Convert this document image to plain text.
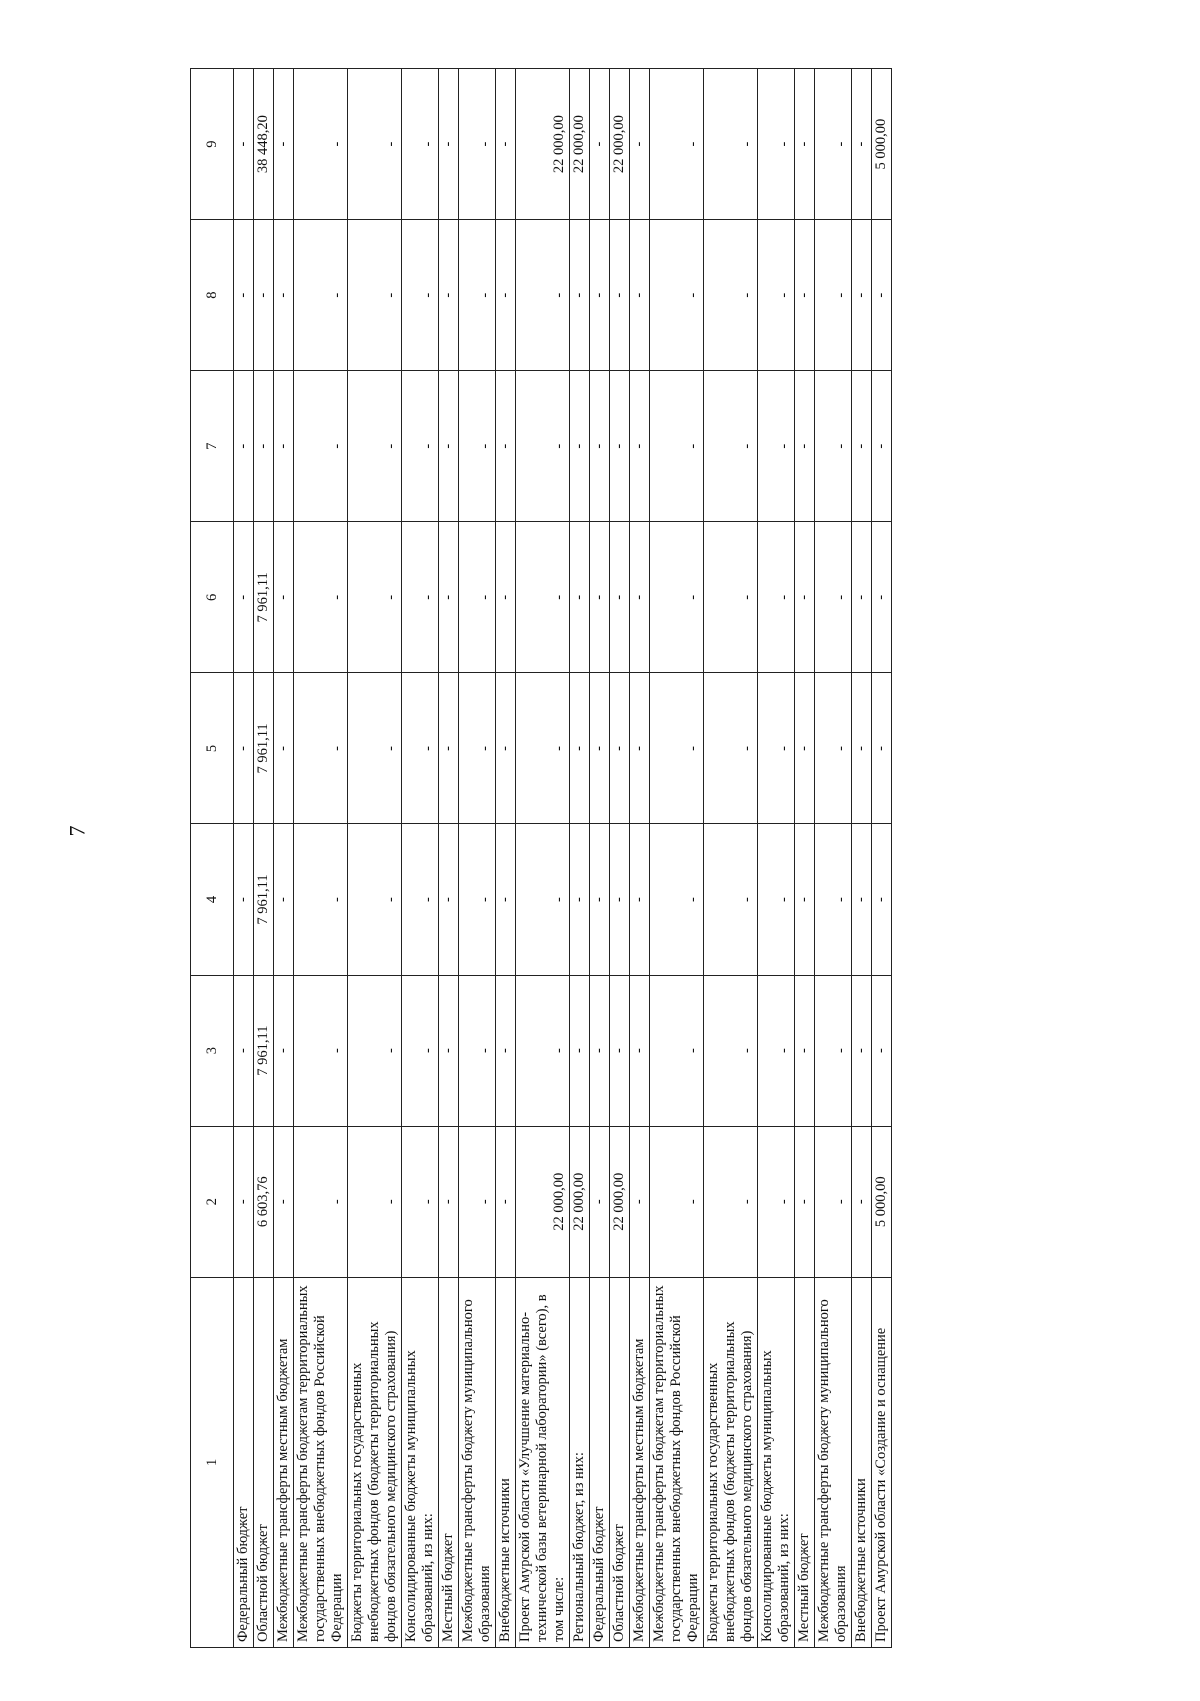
7
1	2	3	4	5	6	7	8	9
Федеральный бюджет	-	-	-	-	-	-	-	-
Областной бюджет	6 603,76	7 961,11	7 961,11	7 961,11	7 961,11	-	-	38 448,20
Межбюджетные трансферты местным бюджетам	-	-	-	-	-	-	-	-
Межбюджетные трансферты бюджетам территориальных государственных внебюджетных фондов Российской Федерации	-	-	-	-	-	-	-	-
Бюджеты территориальных государственных внебюджетных фондов (бюджеты территориальных фондов обязательного медицинского страхования)	-	-	-	-	-	-	-	-
Консолидированные бюджеты муниципальных образований, из них:	-	-	-	-	-	-	-	-
Местный бюджет	-	-	-	-	-	-	-	-
Межбюджетные трансферты бюджету муниципального образования	-	-	-	-	-	-	-	-
Внебюджетные источники	-	-	-	-	-	-	-	-
Проект Амурской области «Улучшение материально-технической базы ветеринарной лаборатории» (всего), в том числе:	22 000,00	-	-	-	-	-	-	22 000,00
Региональный бюджет, из них:	22 000,00	-	-	-	-	-	-	22 000,00
Федеральный бюджет	-	-	-	-	-	-	-	-
Областной бюджет	22 000,00	-	-	-	-	-	-	22 000,00
Межбюджетные трансферты местным бюджетам	-	-	-	-	-	-	-	-
Межбюджетные трансферты бюджетам территориальных государственных внебюджетных фондов Российской Федерации	-	-	-	-	-	-	-	-
Бюджеты территориальных государственных внебюджетных фондов (бюджеты территориальных фондов обязательного медицинского страхования)	-	-	-	-	-	-	-	-
Консолидированные бюджеты муниципальных образований, из них:	-	-	-	-	-	-	-	-
Местный бюджет	-	-	-	-	-	-	-	-
Межбюджетные трансферты бюджету муниципального образования	-	-	-	-	-	-	-	-
Внебюджетные источники	-	-	-	-	-	-	-	-
Проект Амурской области «Создание и оснащение	5 000,00	-	-	-	-	-	-	5 000,00
